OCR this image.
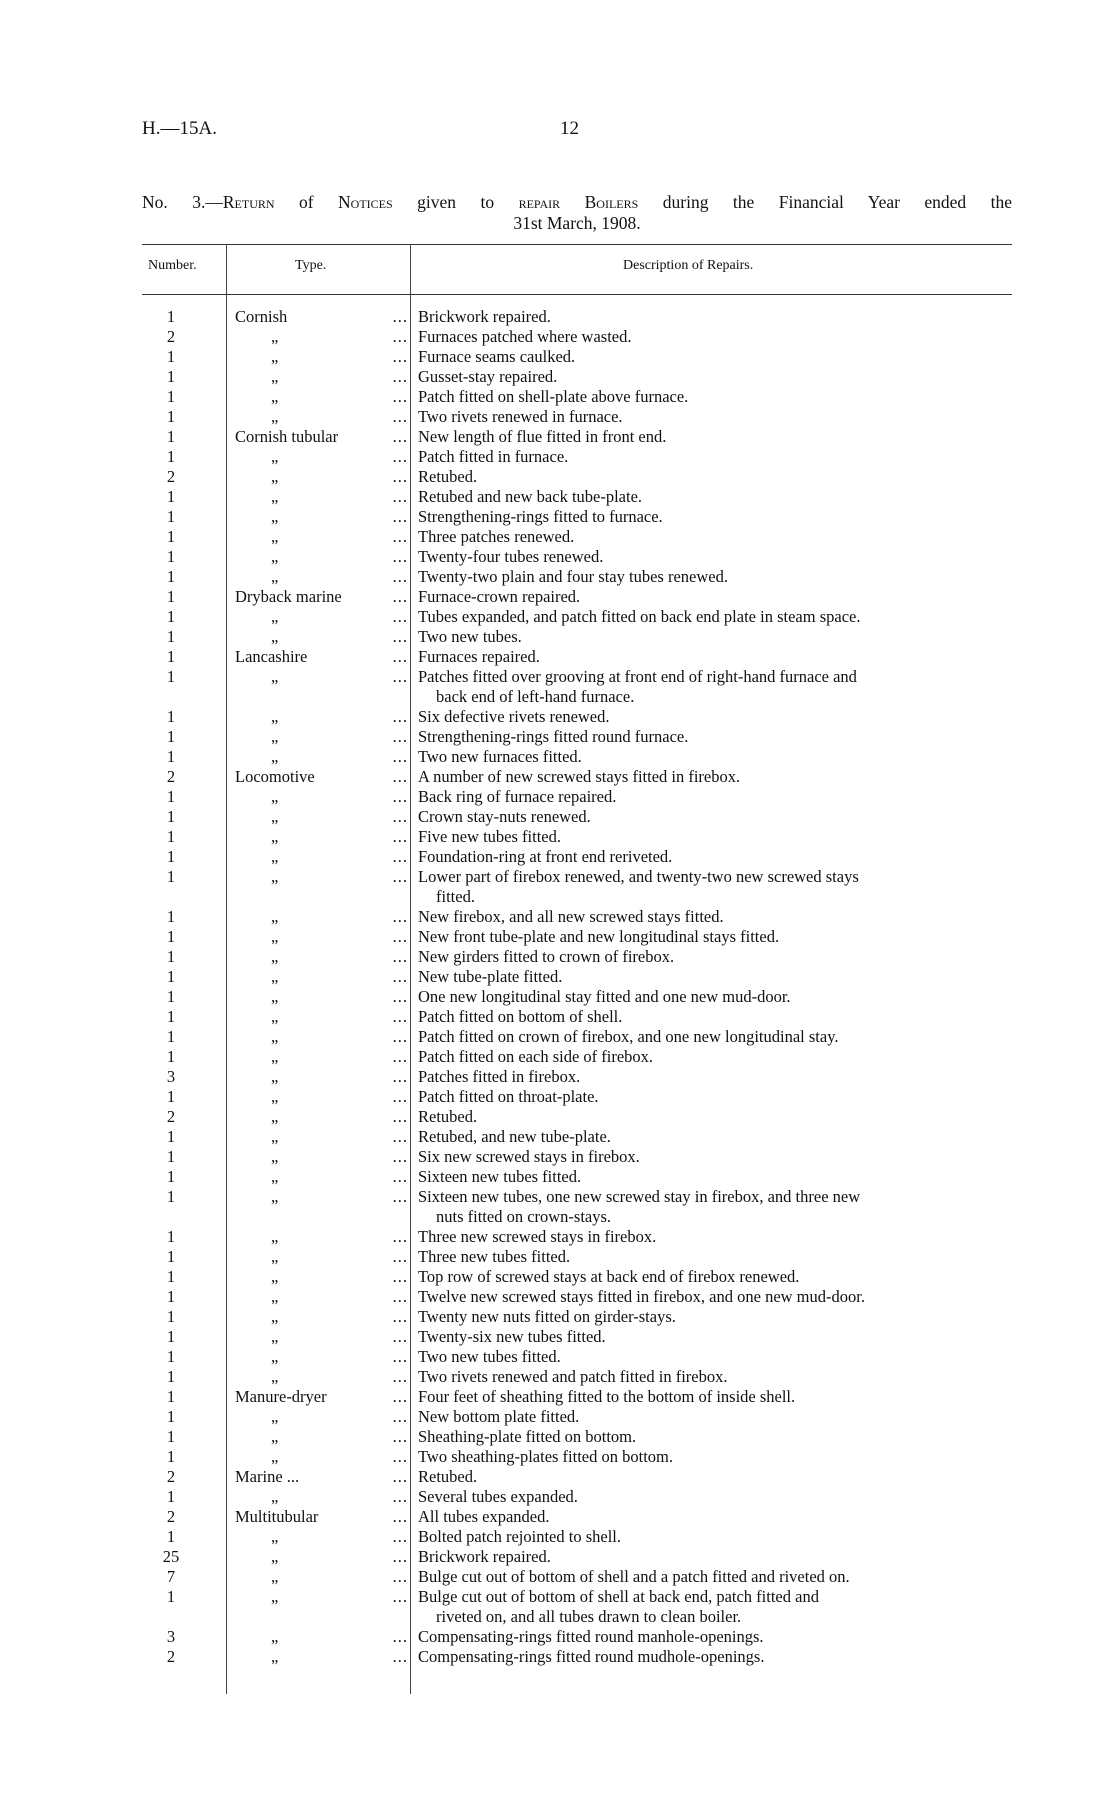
H.—15A.	12
No. 3.—Return of Notices given to repair Boilers during the Financial Year ended the
31st March, 1908.
Number.	Type.	Description of Repairs.
1	Cornish	... Brickwork repaired.
2	„	... Furnaces patched where wasted.
1	„	... Furnace seams caulked.
1	„	... Gusset-stay repaired.
1	„	... Patch fitted on shell-plate above furnace.
1	„	... Two rivets renewed in furnace.
1	Cornish tubular	... New length of flue fitted in front end.
1	„	... Patch fitted in furnace.
2	„	... Retubed.
1	„	... Retubed and new back tube-plate.
1	„	... Strengthening-rings fitted to furnace.
1	„	... Three patches renewed.
1	„	... Twenty-four tubes renewed.
1	„	... Twenty-two plain and four stay tubes renewed.
1	Dryback marine	... Furnace-crown repaired.
1	„	... Tubes expanded, and patch fitted on back end plate in steam space.
1	„	... Two new tubes.
1	Lancashire	... Furnaces repaired.
1	„	... Patches fitted over grooving at front end of right-hand furnace and
back end of left-hand furnace.
1	„	... Six defective rivets renewed.
1	„	... Strengthening-rings fitted round furnace.
1	„	... Two new furnaces fitted.
2	Locomotive	... A number of new screwed stays fitted in firebox.
1	„	... Back ring of furnace repaired.
1	„	... Crown stay-nuts renewed.
1	„	... Five new tubes fitted.
1	„	... Foundation-ring at front end reriveted.
1	„	... Lower part of firebox renewed, and twenty-two new screwed stays
fitted.
1	„	... New firebox, and all new screwed stays fitted.
1	„	... New front tube-plate and new longitudinal stays fitted.
1	„	... New girders fitted to crown of firebox.
1	„	... New tube-plate fitted.
1	„	... One new longitudinal stay fitted and one new mud-door.
1	„	... Patch fitted on bottom of shell.
1	„	... Patch fitted on crown of firebox, and one new longitudinal stay.
1	„	... Patch fitted on each side of firebox.
3	„	... Patches fitted in firebox.
1	„	... Patch fitted on throat-plate.
2	„	... Retubed.
1	„	... Retubed, and new tube-plate.
1	„	... Six new screwed stays in firebox.
1	„	... Sixteen new tubes fitted.
1	„	... Sixteen new tubes, one new screwed stay in firebox, and three new
nuts fitted on crown-stays.
1	„	... Three new screwed stays in firebox.
1	„	... Three new tubes fitted.
1	„	... Top row of screwed stays at back end of firebox renewed.
1	„	... Twelve new screwed stays fitted in firebox, and one new mud-door.
1	„	... Twenty new nuts fitted on girder-stays.
1	„	... Twenty-six new tubes fitted.
1	„	... Two new tubes fitted.
1	„	... Two rivets renewed and patch fitted in firebox.
1	Manure-dryer	... Four feet of sheathing fitted to the bottom of inside shell.
1	„	... New bottom plate fitted.
1	„	... Sheathing-plate fitted on bottom.
1	„	... Two sheathing-plates fitted on bottom.
2	Marine ...	... Retubed.
1	„	... Several tubes expanded.
2	Multitubular	... All tubes expanded.
1	„	... Bolted patch rejointed to shell.
25	„	... Brickwork repaired.
7	„	... Bulge cut out of bottom of shell and a patch fitted and riveted on.
1	„	... Bulge cut out of bottom of shell at back end, patch fitted and
riveted on, and all tubes drawn to clean boiler.
3	„	... Compensating-rings fitted round manhole-openings.
2	„	... Compensating-rings fitted round mudhole-openings.
